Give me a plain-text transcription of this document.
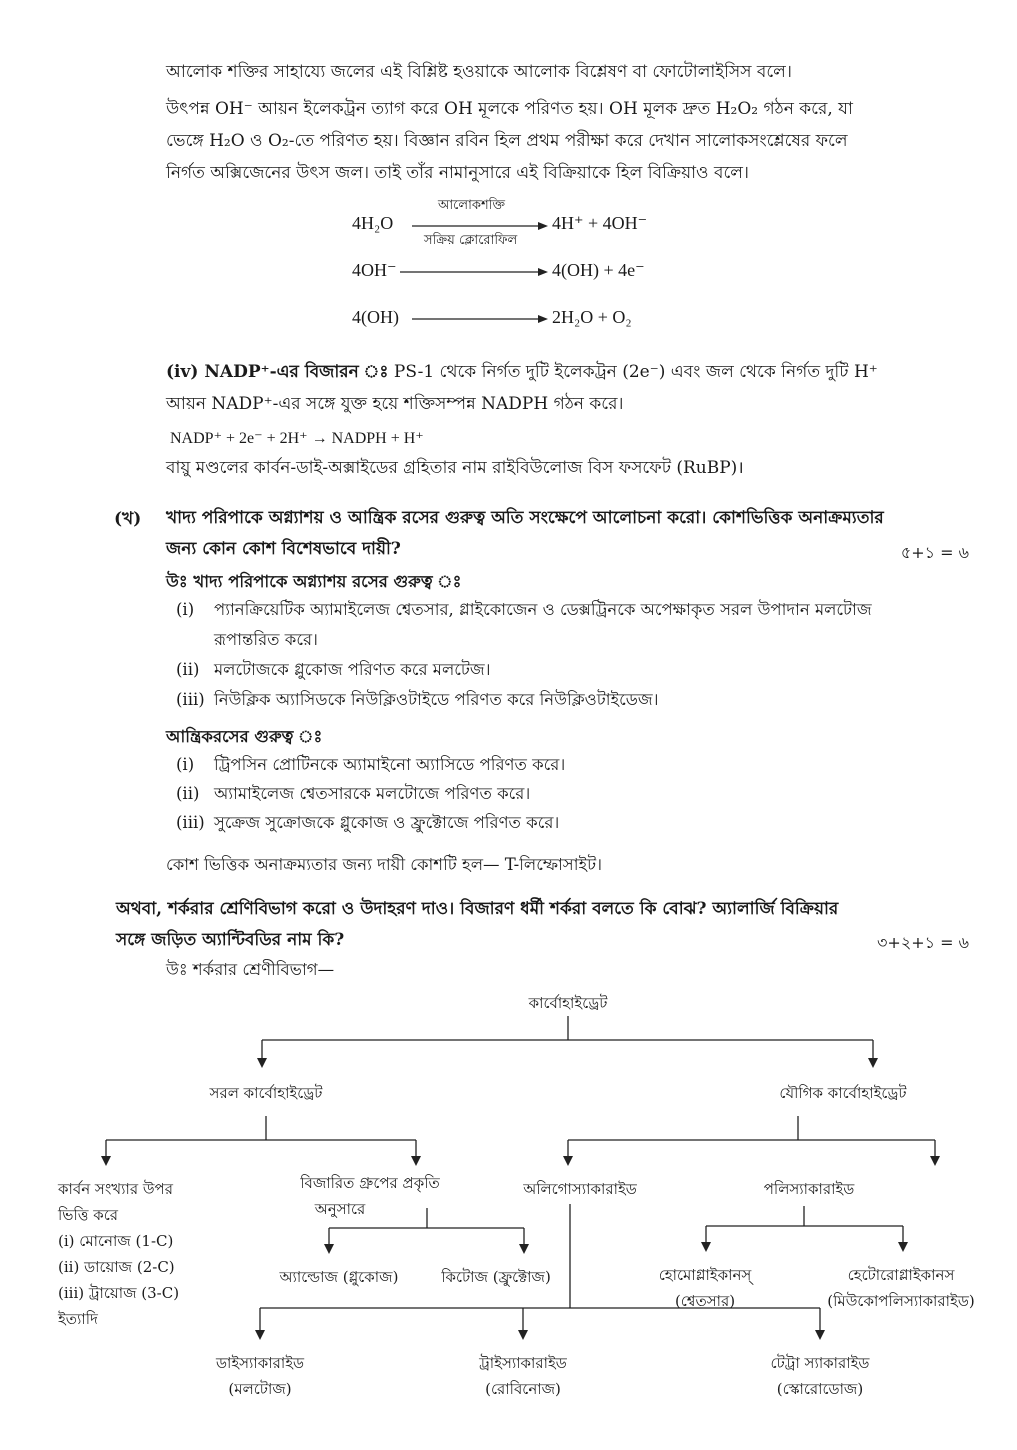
আলোক শক্তির সাহায্যে জলের এই বিশ্লিষ্ট হওয়াকে আলোক বিশ্লেষণ বা ফোটোলাইসিস বলে।
উৎপন্ন OH⁻ আয়ন ইলেকট্রন ত্যাগ করে OH মূলকে পরিণত হয়। OH মূলক দ্রুত H₂O₂ গঠন করে, যা
ভেঙ্গে H₂O ও O₂-তে পরিণত হয়। বিজ্ঞান রবিন হিল প্রথম পরীক্ষা করে দেখান সালোকসংশ্লেষের ফলে
নির্গত অক্সিজেনের উৎস জল। তাই তাঁর নামানুসারে এই বিক্রিয়াকে হিল বিক্রিয়াও বলে।
4H₂O
আলোকশক্তি
সক্রিয় ক্লোরোফিল
4H⁺ + 4OH⁻
4OH⁻	4(OH) + 4e⁻
4(OH)	2H₂O + O₂
(iv) NADP⁺-এর বিজারন ঃ PS-1 থেকে নির্গত দুটি ইলেকট্রন (2e⁻) এবং জল থেকে নির্গত দুটি H⁺
আয়ন NADP⁺-এর সঙ্গে যুক্ত হয়ে শক্তিসম্পন্ন NADPH গঠন করে।
NADP⁺ + 2e⁻ + 2H⁺ → NADPH + H⁺
বায়ু মণ্ডলের কার্বন-ডাই-অক্সাইডের গ্রহিতার নাম রাইবিউলোজ বিস ফসফেট (RuBP)।
(খ) খাদ্য পরিপাকে অগ্ন্যাশয় ও আন্ত্রিক রসের গুরুত্ব অতি সংক্ষেপে আলোচনা করো। কোশভিত্তিক অনাক্রম্যতার
জন্য কোন কোশ বিশেষভাবে দায়ী?	৫+১ = ৬
উঃ খাদ্য পরিপাকে অগ্ন্যাশয় রসের গুরুত্ব ঃ
(i) প্যানক্রিয়েটিক অ্যামাইলেজ শ্বেতসার, গ্লাইকোজেন ও ডেক্সট্রিনকে অপেক্ষাকৃত সরল উপাদান মলটোজ
রূপান্তরিত করে।
(ii) মলটোজকে গ্লুকোজ পরিণত করে মলটেজ।
(iii) নিউক্লিক অ্যাসিডকে নিউক্লিওটাইডে পরিণত করে নিউক্লিওটাইডেজ।
আন্ত্রিকরসের গুরুত্ব ঃ
(i) ট্রিপসিন প্রোটিনকে অ্যামাইনো অ্যাসিডে পরিণত করে।
(ii) অ্যামাইলেজ শ্বেতসারকে মলটোজে পরিণত করে।
(iii) সুক্রেজ সুক্রোজকে গ্লুকোজ ও ফ্রুক্টোজে পরিণত করে।
কোশ ভিত্তিক অনাক্রম্যতার জন্য দায়ী কোশটি হল— T-লিম্ফোসাইট।
অথবা, শর্করার শ্রেণিবিভাগ করো ও উদাহরণ দাও। বিজারণ ধর্মী শর্করা বলতে কি বোঝ? অ্যালার্জি বিক্রিয়ার
সঙ্গে জড়িত অ্যান্টিবডির নাম কি?	৩+২+১ = ৬
উঃ শর্করার শ্রেণীবিভাগ—
কার্বোহাইড্রেট
সরল কার্বোহাইড্রেট	যৌগিক কার্বোহাইড্রেট
কার্বন সংখ্যার উপর
ভিত্তি করে
(i) মোনোজ (1-C)
(ii) ডায়োজ (2-C)
(iii) ট্রায়োজ (3-C)
ইত্যাদি
বিজারিত গ্রুপের প্রকৃতি
অনুসারে
অ্যাল্ডোজ (গ্লুকোজ)	কিটোজ (ফ্রুক্টোজ)
অলিগোস্যাকারাইড	পলিস্যাকারাইড
হোমোগ্লাইকানস্
(শ্বেতসার)
হেটোরোগ্লাইকানস
(মিউকোপলিস্যাকারাইড)
ডাইস্যাকারাইড
(মলটোজ)
ট্রাইস্যাকারাইড
(রোবিনোজ)
টেট্রা স্যাকারাইড
(স্কোরোডোজ)
